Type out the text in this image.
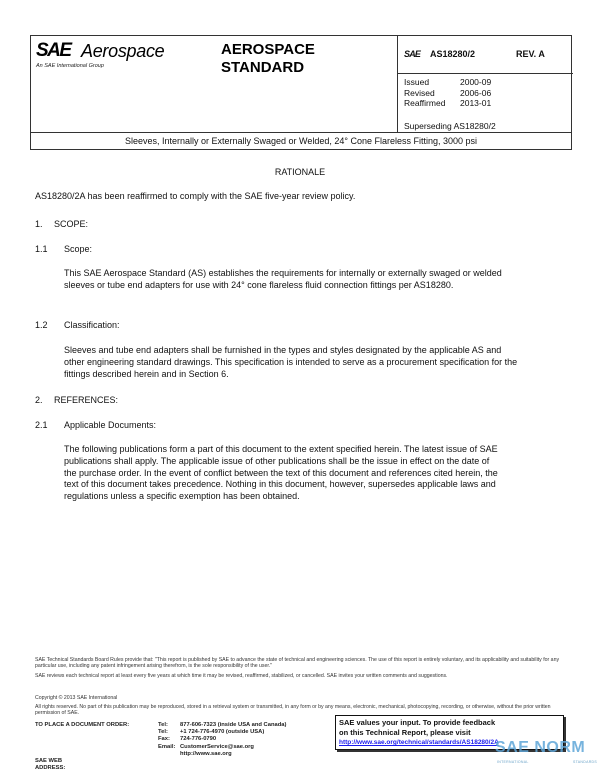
SAE Aerospace
An SAE International Group
AEROSPACE
STANDARD
SAE AS18280/2	REV. A
Issued	2000-09
Revised	2006-06
Reaffirmed	2013-01
Superseding AS18280/2
Sleeves, Internally or Externally Swaged or Welded, 24° Cone Flareless Fitting, 3000 psi
RATIONALE
AS18280/2A has been reaffirmed to comply with the SAE five-year review policy.
1. SCOPE:
1.1 Scope:
This SAE Aerospace Standard (AS) establishes the requirements for internally or externally swaged or welded sleeves or tube end adapters for use with 24° cone flareless fluid connection fittings per AS18280.
1.2 Classification:
Sleeves and tube end adapters shall be furnished in the types and styles designated by the applicable AS and other engineering standard drawings. This specification is intended to serve as a procurement specification for the fittings described herein and in Section 6.
2. REFERENCES:
2.1 Applicable Documents:
The following publications form a part of this document to the extent specified herein. The latest issue of SAE publications shall apply. The applicable issue of other publications shall be the issue in effect on the date of the purchase order. In the event of conflict between the text of this document and references cited herein, the text of this document takes precedence. Nothing in this document, however, supersedes applicable laws and regulations unless a specific exemption has been obtained.
SAE Technical Standards Board Rules provide that: "This report is published by SAE to advance the state of technical and engineering sciences. The use of this report is entirely voluntary, and its applicability and suitability for any particular use, including any patent infringement arising therefrom, is the sole responsibility of the user."
SAE reviews each technical report at least every five years at which time it may be revised, reaffirmed, stabilized, or cancelled. SAE invites your written comments and suggestions.
Copyright © 2013 SAE International
All rights reserved. No part of this publication may be reproduced, stored in a retrieval system or transmitted, in any form or by any means, electronic, mechanical, photocopying, recording, or otherwise, without the prior written permission of SAE.
TO PLACE A DOCUMENT ORDER:	Tel:	877-606-7323 (inside USA and Canada)
Tel:	+1 724-776-4970 (outside USA)
Fax:	724-776-0790
Email: CustomerService@sae.org
http://www.sae.org
SAE WEB ADDRESS:
SAE values your input. To provide feedback
on this Technical Report, please visit
http://www.sae.org/technical/standards/AS18280/2A
SAE NORM
INTERNATIONAL	STANDARDS
